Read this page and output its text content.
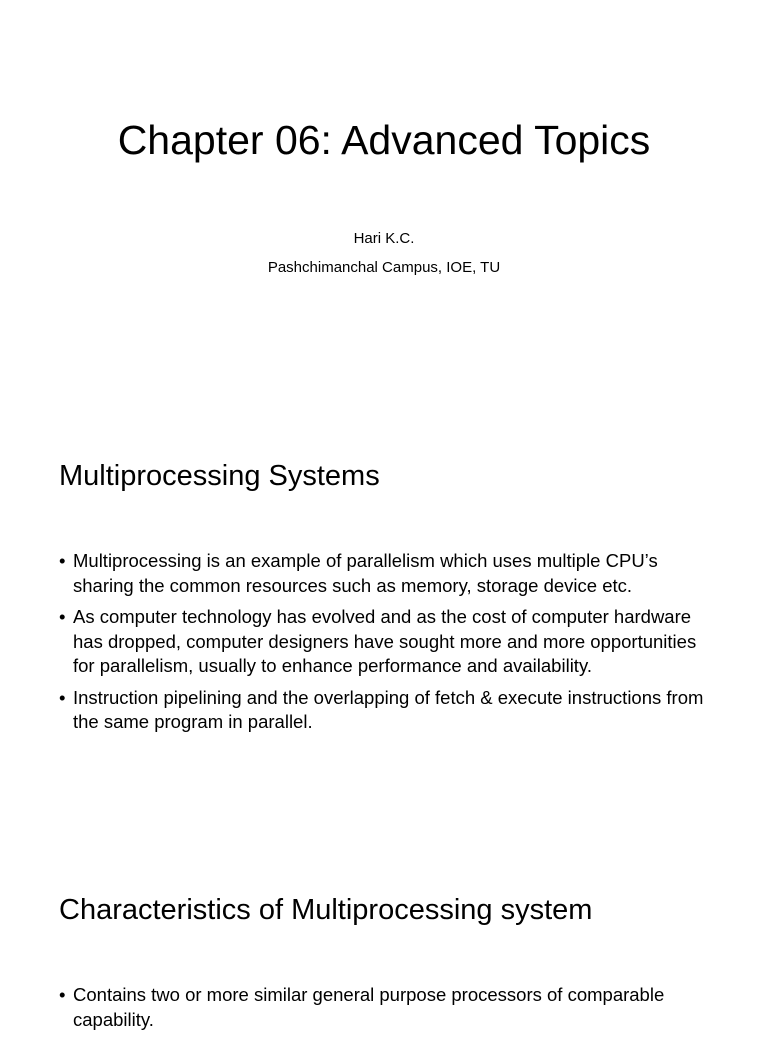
Chapter 06: Advanced Topics

Hari K.C.

Pashchimanchal Campus, IOE, TU

Multiprocessing Systems
• Multiprocessing is an example of parallelism which uses multiple CPU’s sharing the common resources such as memory, storage device etc.
• As computer technology has evolved and as the cost of computer hardware has dropped, computer designers have sought more and more opportunities for parallelism, usually to enhance performance and availability.
• Instruction pipelining and the overlapping of fetch & execute instructions from the same program in parallel.
Characteristics of Multiprocessing system
• Contains two or more similar general purpose processors of comparable capability.
